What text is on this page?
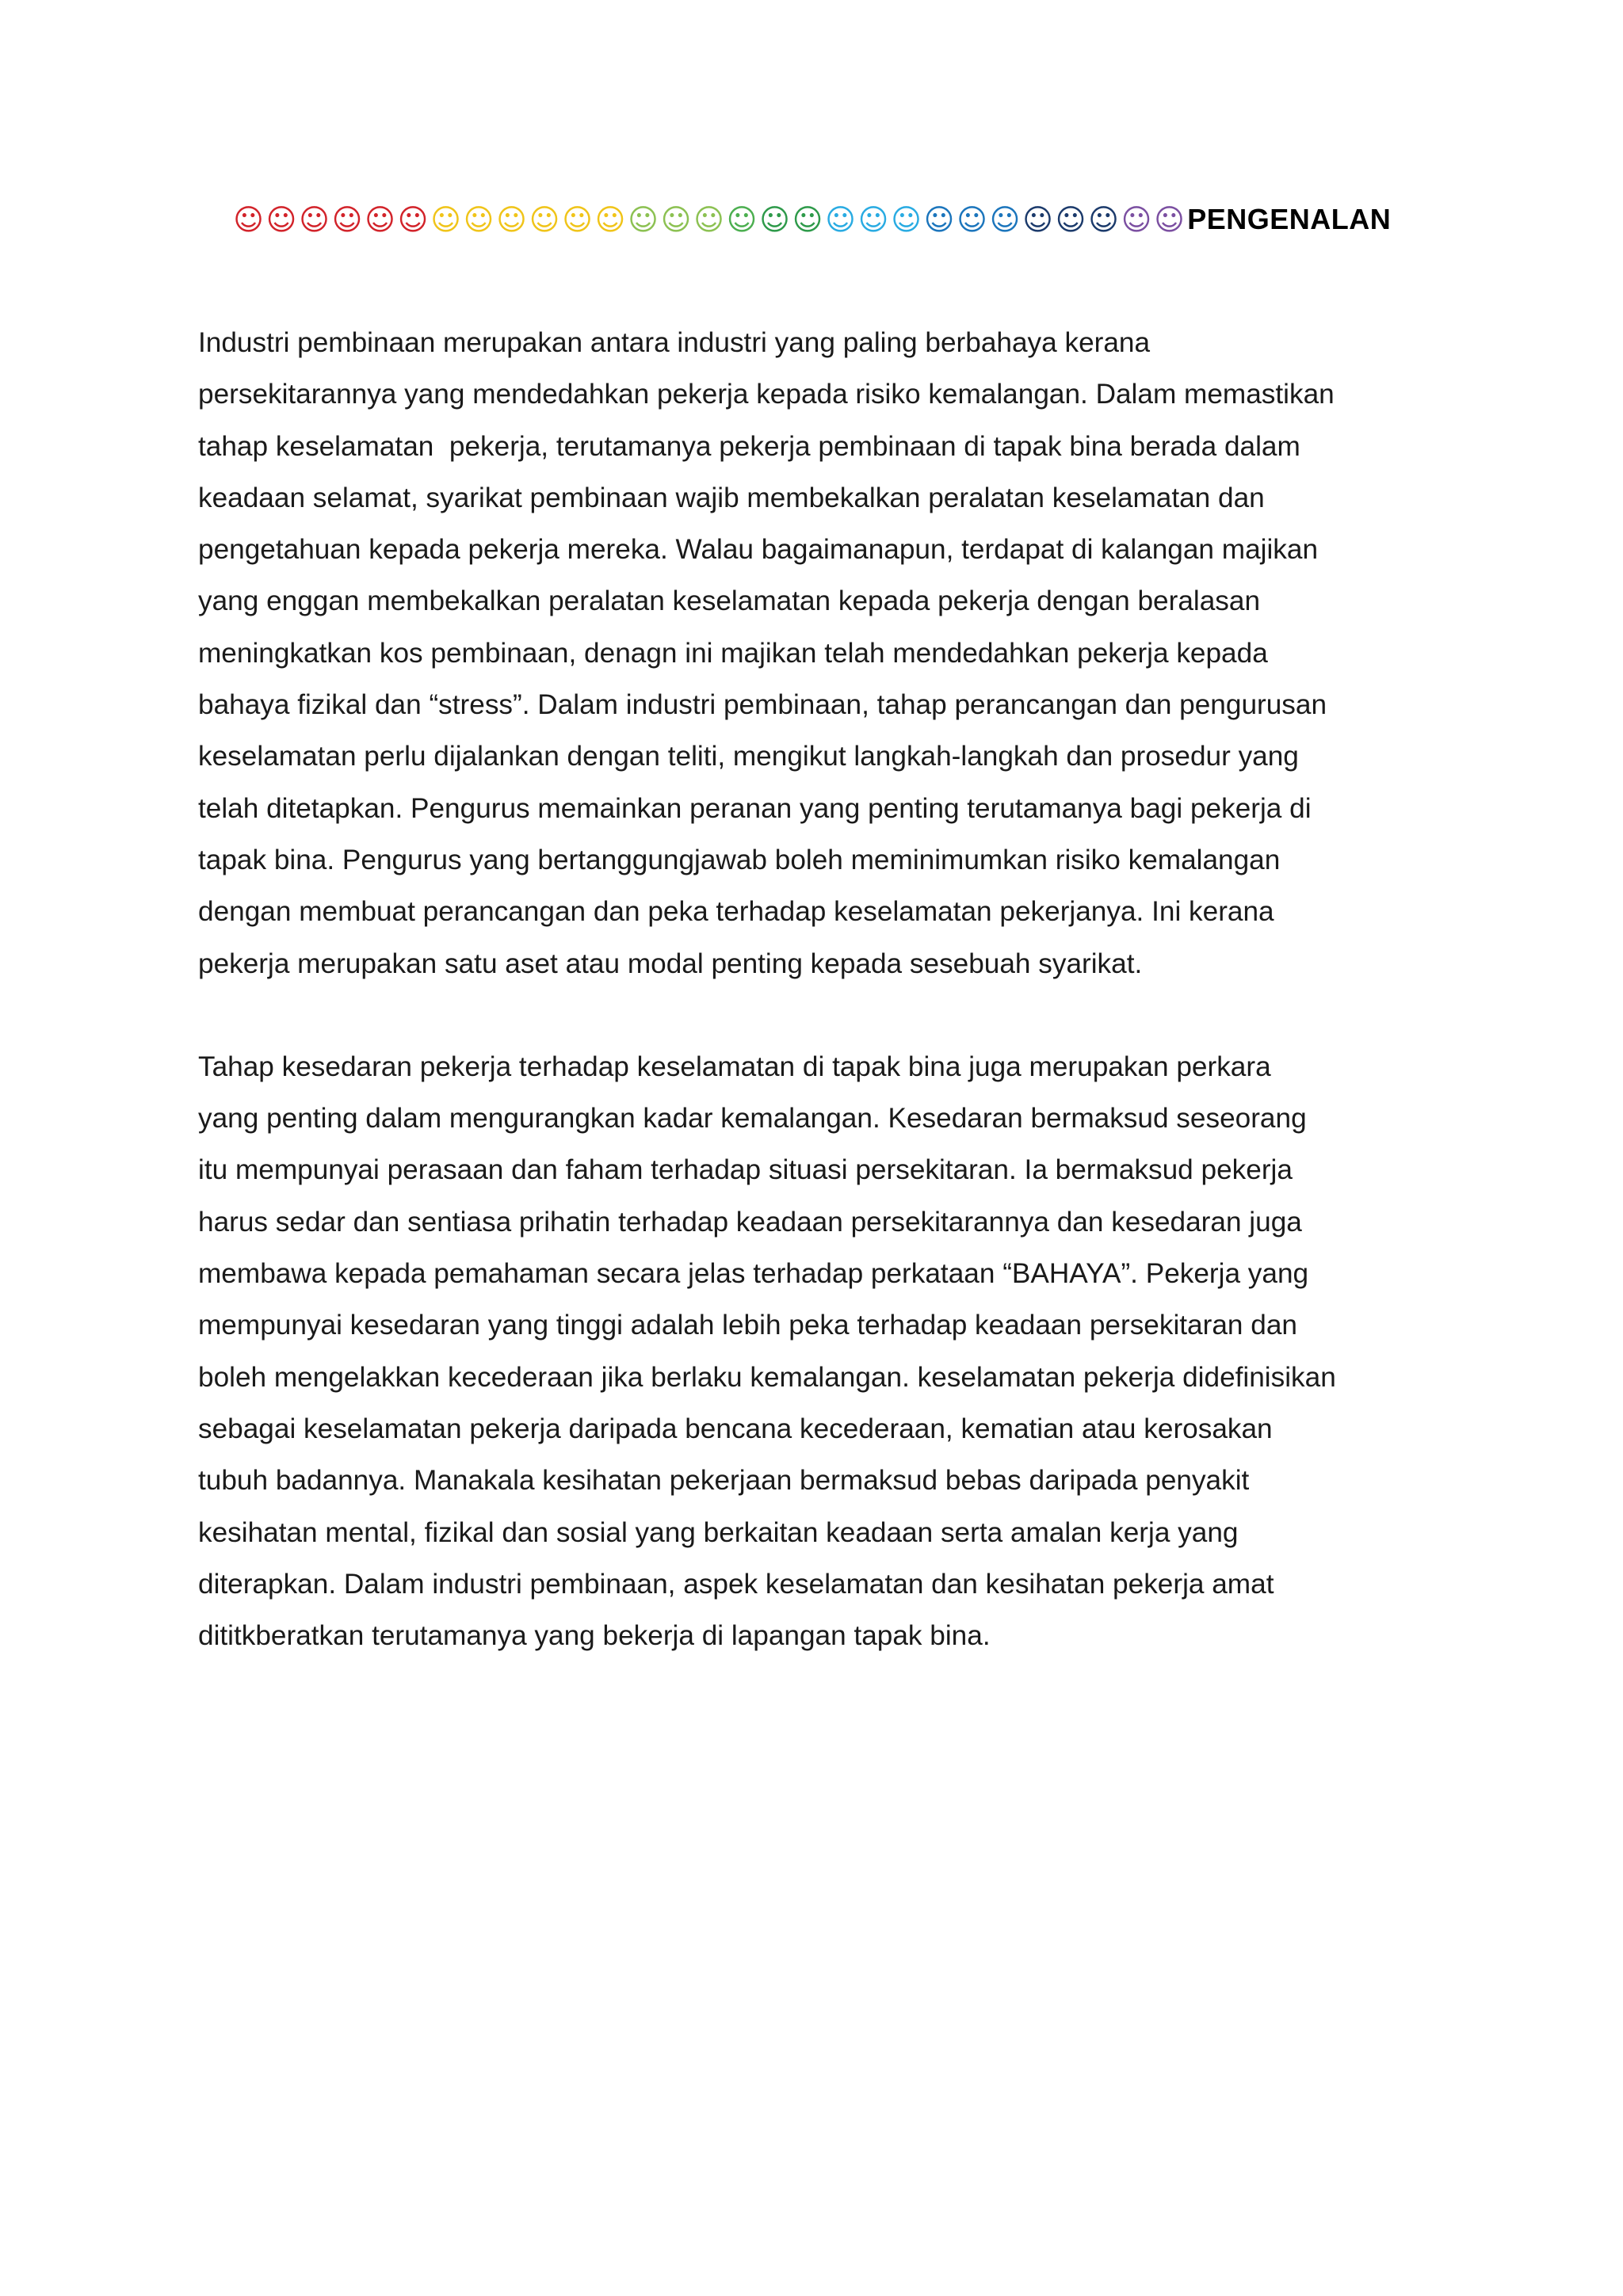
☺ ☺ ☺ ☺ ☺ ☺ ☺ ☺ ☺ ☺ ☺ ☺ ☺ ☺ ☺ ☺ ☺ ☺ ☺ ☺ ☺ ☺ ☺ ☺ ☺ ☺ ☺ ☺ ☺ PENGENALAN

Industri pembinaan merupakan antara industri yang paling berbahaya kerana

persekitarannya yang mendedahkan pekerja kepada risiko kemalangan. Dalam memastikan

tahap keselamatan  pekerja, terutamanya pekerja pembinaan di tapak bina berada dalam

keadaan selamat, syarikat pembinaan wajib membekalkan peralatan keselamatan dan

pengetahuan kepada pekerja mereka. Walau bagaimanapun, terdapat di kalangan majikan

yang enggan membekalkan peralatan keselamatan kepada pekerja dengan beralasan

meningkatkan kos pembinaan, denagn ini majikan telah mendedahkan pekerja kepada

bahaya fizikal dan “stress”. Dalam industri pembinaan, tahap perancangan dan pengurusan

keselamatan perlu dijalankan dengan teliti, mengikut langkah-langkah dan prosedur yang

telah ditetapkan. Pengurus memainkan peranan yang penting terutamanya bagi pekerja di

tapak bina. Pengurus yang bertanggungjawab boleh meminimumkan risiko kemalangan

dengan membuat perancangan dan peka terhadap keselamatan pekerjanya. Ini kerana

pekerja merupakan satu aset atau modal penting kepada sesebuah syarikat.

Tahap kesedaran pekerja terhadap keselamatan di tapak bina juga merupakan perkara

yang penting dalam mengurangkan kadar kemalangan. Kesedaran bermaksud seseorang

itu mempunyai perasaan dan faham terhadap situasi persekitaran. Ia bermaksud pekerja

harus sedar dan sentiasa prihatin terhadap keadaan persekitarannya dan kesedaran juga

membawa kepada pemahaman secara jelas terhadap perkataan “BAHAYA”. Pekerja yang

mempunyai kesedaran yang tinggi adalah lebih peka terhadap keadaan persekitaran dan

boleh mengelakkan kecederaan jika berlaku kemalangan. keselamatan pekerja didefinisikan

sebagai keselamatan pekerja daripada bencana kecederaan, kematian atau kerosakan

tubuh badannya. Manakala kesihatan pekerjaan bermaksud bebas daripada penyakit

kesihatan mental, fizikal dan sosial yang berkaitan keadaan serta amalan kerja yang

diterapkan. Dalam industri pembinaan, aspek keselamatan dan kesihatan pekerja amat

dititkberatkan terutamanya yang bekerja di lapangan tapak bina.
